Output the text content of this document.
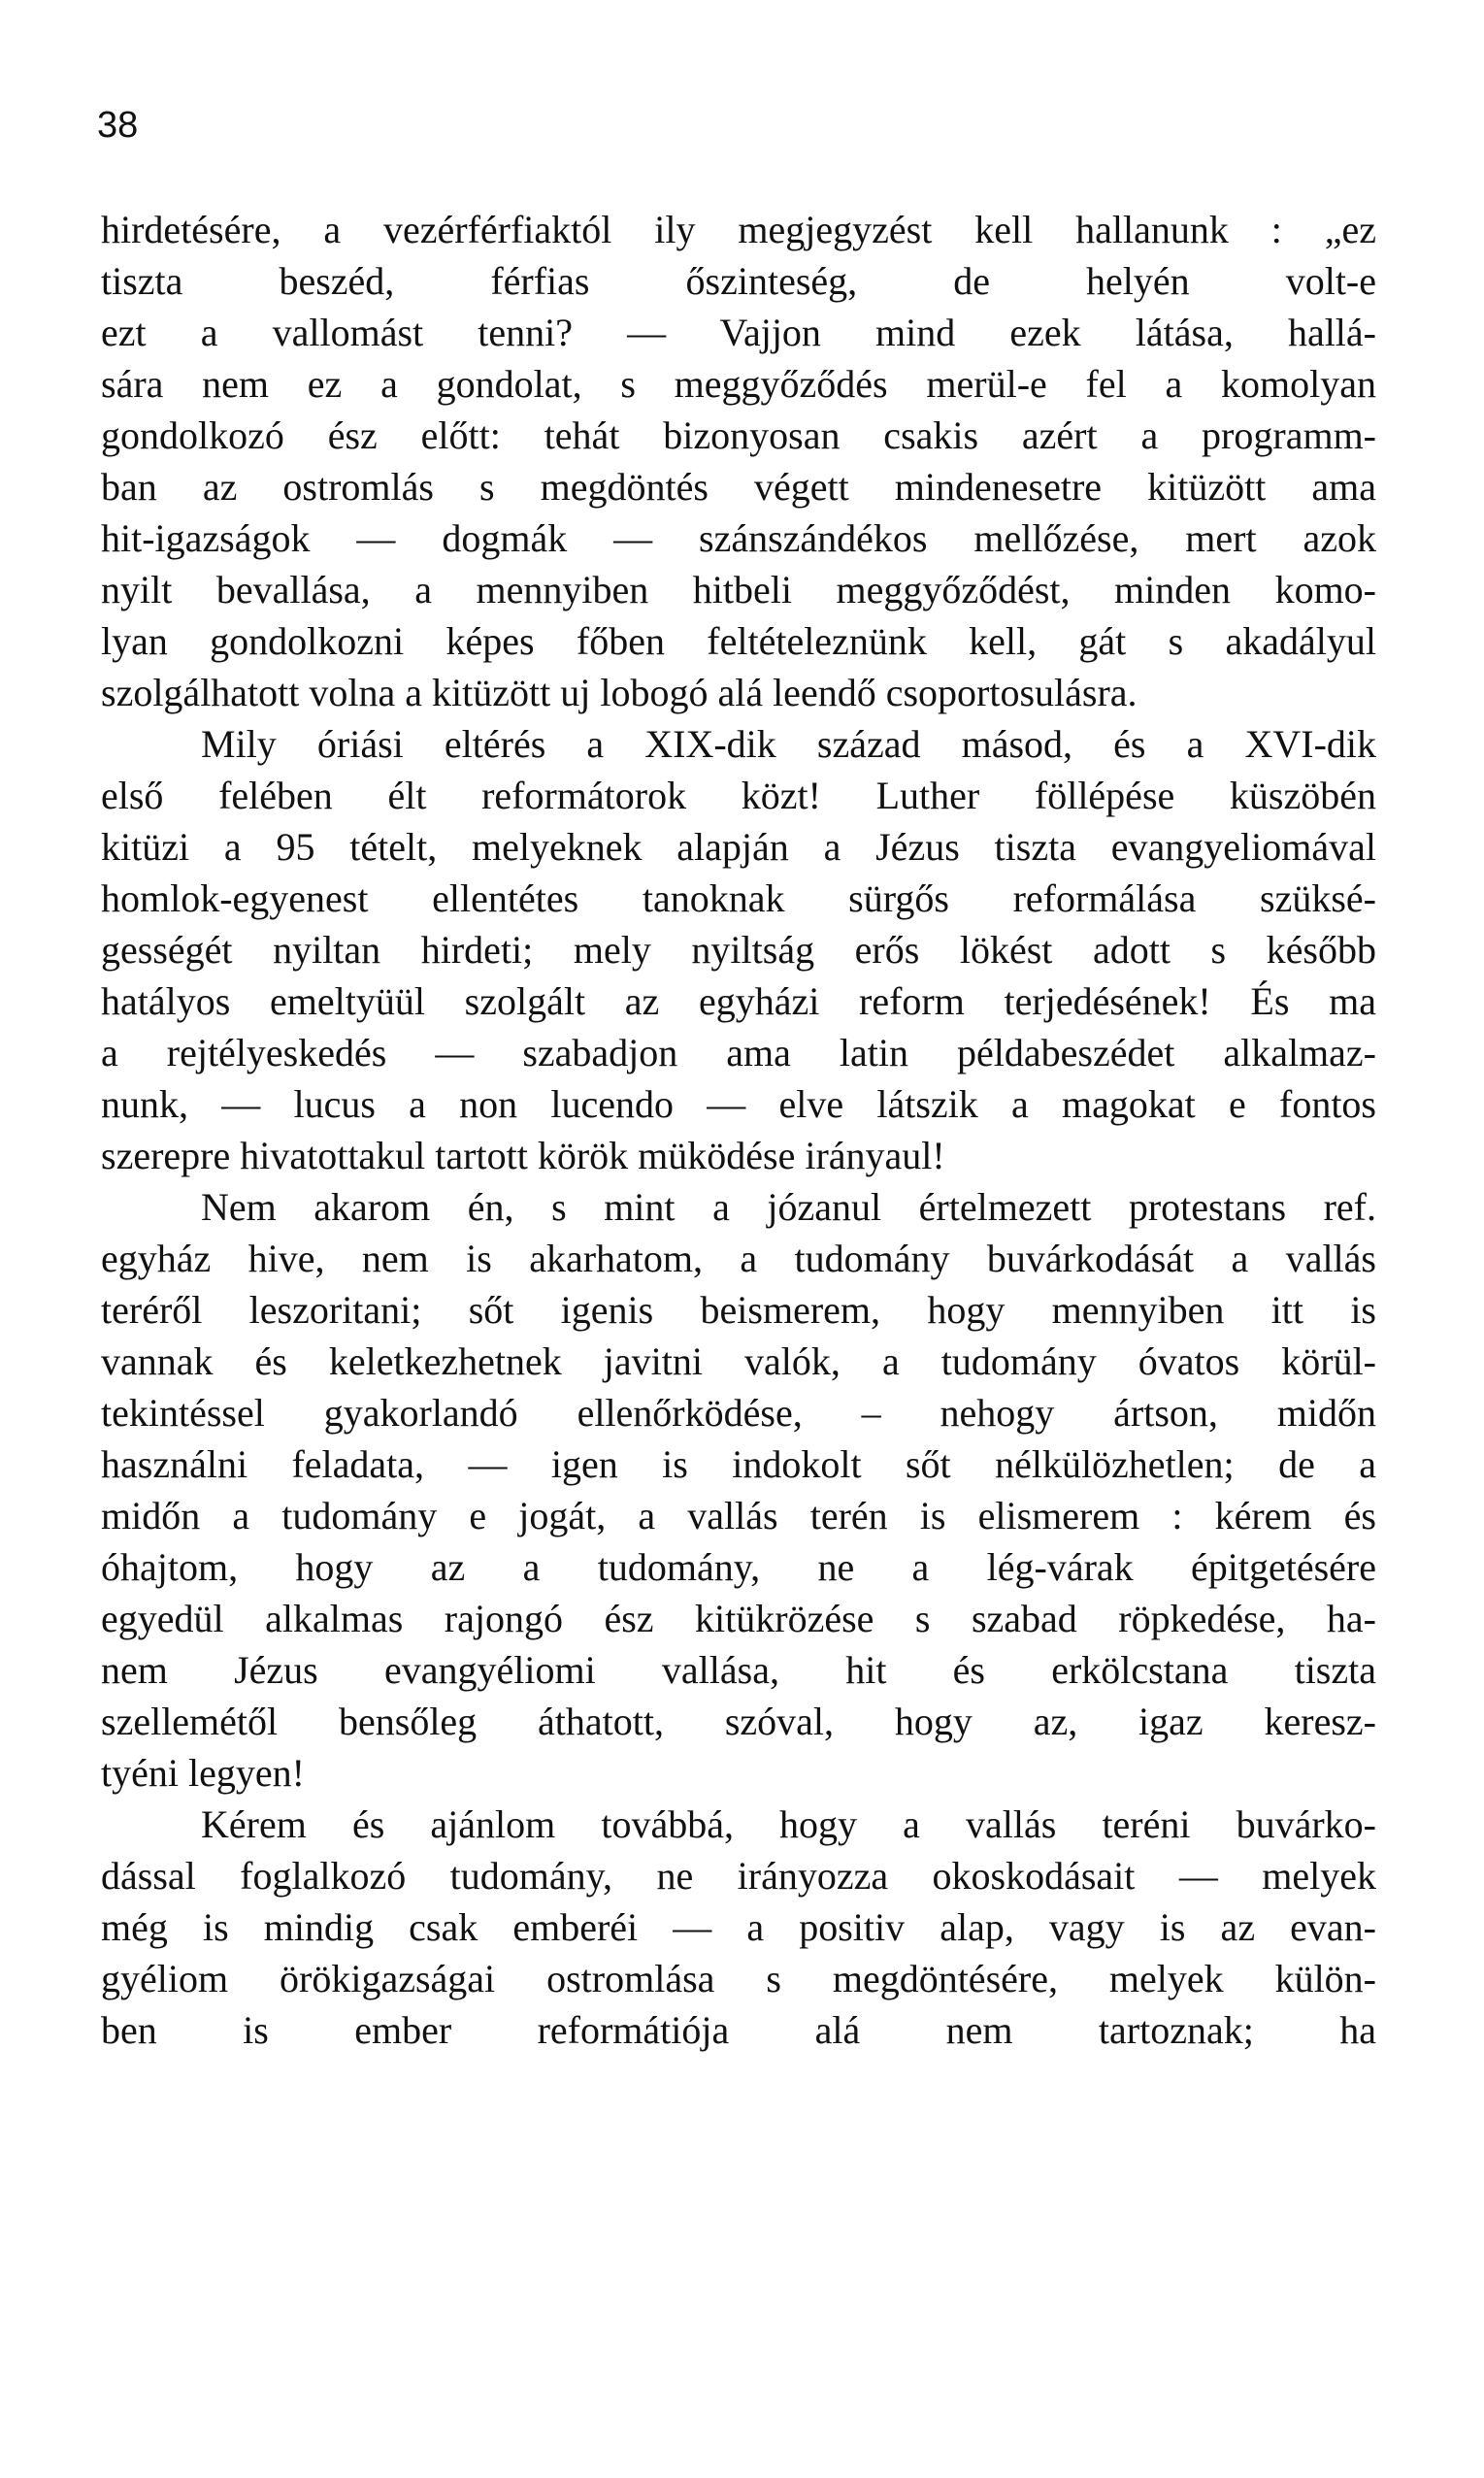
38
hirdetésére, a vezérférfiaktól ily megjegyzést kell hallanunk : „ez
tiszta beszéd, férfias őszinteség, de helyén volt-e
ezt a vallomást tenni? — Vajjon mind ezek látása, hallá-
sára nem ez a gondolat, s meggyőződés merül-e fel a komolyan
gondolkozó ész előtt: tehát bizonyosan csakis azért a programm-
ban az ostromlás s megdöntés végett mindenesetre kitüzött ama
hit-igazságok — dogmák — szánszándékos mellőzése, mert azok
nyilt bevallása, a mennyiben hitbeli meggyőződést, minden komo-
lyan gondolkozni képes főben feltételeznünk kell, gát s akadályul
szolgálhatott volna a kitüzött uj lobogó alá leendő csoportosulásra.
Mily óriási eltérés a XIX-dik század másod, és a XVI-dik
első felében élt reformátorok közt! Luther föllépése küszöbén
kitüzi a 95 tételt, melyeknek alapján a Jézus tiszta evangyeliomával
homlok-egyenest ellentétes tanoknak sürgős reformálása szüksé-
gességét nyiltan hirdeti; mely nyiltság erős lökést adott s később
hatályos emeltyüül szolgált az egyházi reform terjedésének! És ma
a rejtélyeskedés — szabadjon ama latin példabeszédet alkalmaz-
nunk, — lucus a non lucendo — elve látszik a magokat e fontos
szerepre hivatottakul tartott körök müködése irányaul!
Nem akarom én, s mint a józanul értelmezett protestans ref.
egyház hive, nem is akarhatom, a tudomány buvárkodását a vallás
teréről leszoritani; sőt igenis beismerem, hogy mennyiben itt is
vannak és keletkezhetnek javitni valók, a tudomány óvatos körül-
tekintéssel gyakorlandó ellenőrködése, – nehogy ártson, midőn
használni feladata, — igen is indokolt sőt nélkülözhetlen; de a
midőn a tudomány e jogát, a vallás terén is elismerem : kérem és
óhajtom, hogy az a tudomány, ne a lég-várak épitgetésére
egyedül alkalmas rajongó ész kitükrözése s szabad röpkedése, ha-
nem Jézus evangyéliomi vallása, hit és erkölcstana tiszta
szellemétől bensőleg áthatott, szóval, hogy az, igaz keresz-
tyéni legyen!
Kérem és ajánlom továbbá, hogy a vallás teréni buvárko-
dással foglalkozó tudomány, ne irányozza okoskodásait — melyek
még is mindig csak emberéi — a positiv alap, vagy is az evan-
gyéliom örökigazságai ostromlása s megdöntésére, melyek külön-
ben is ember reformátiója alá nem tartoznak; ha
